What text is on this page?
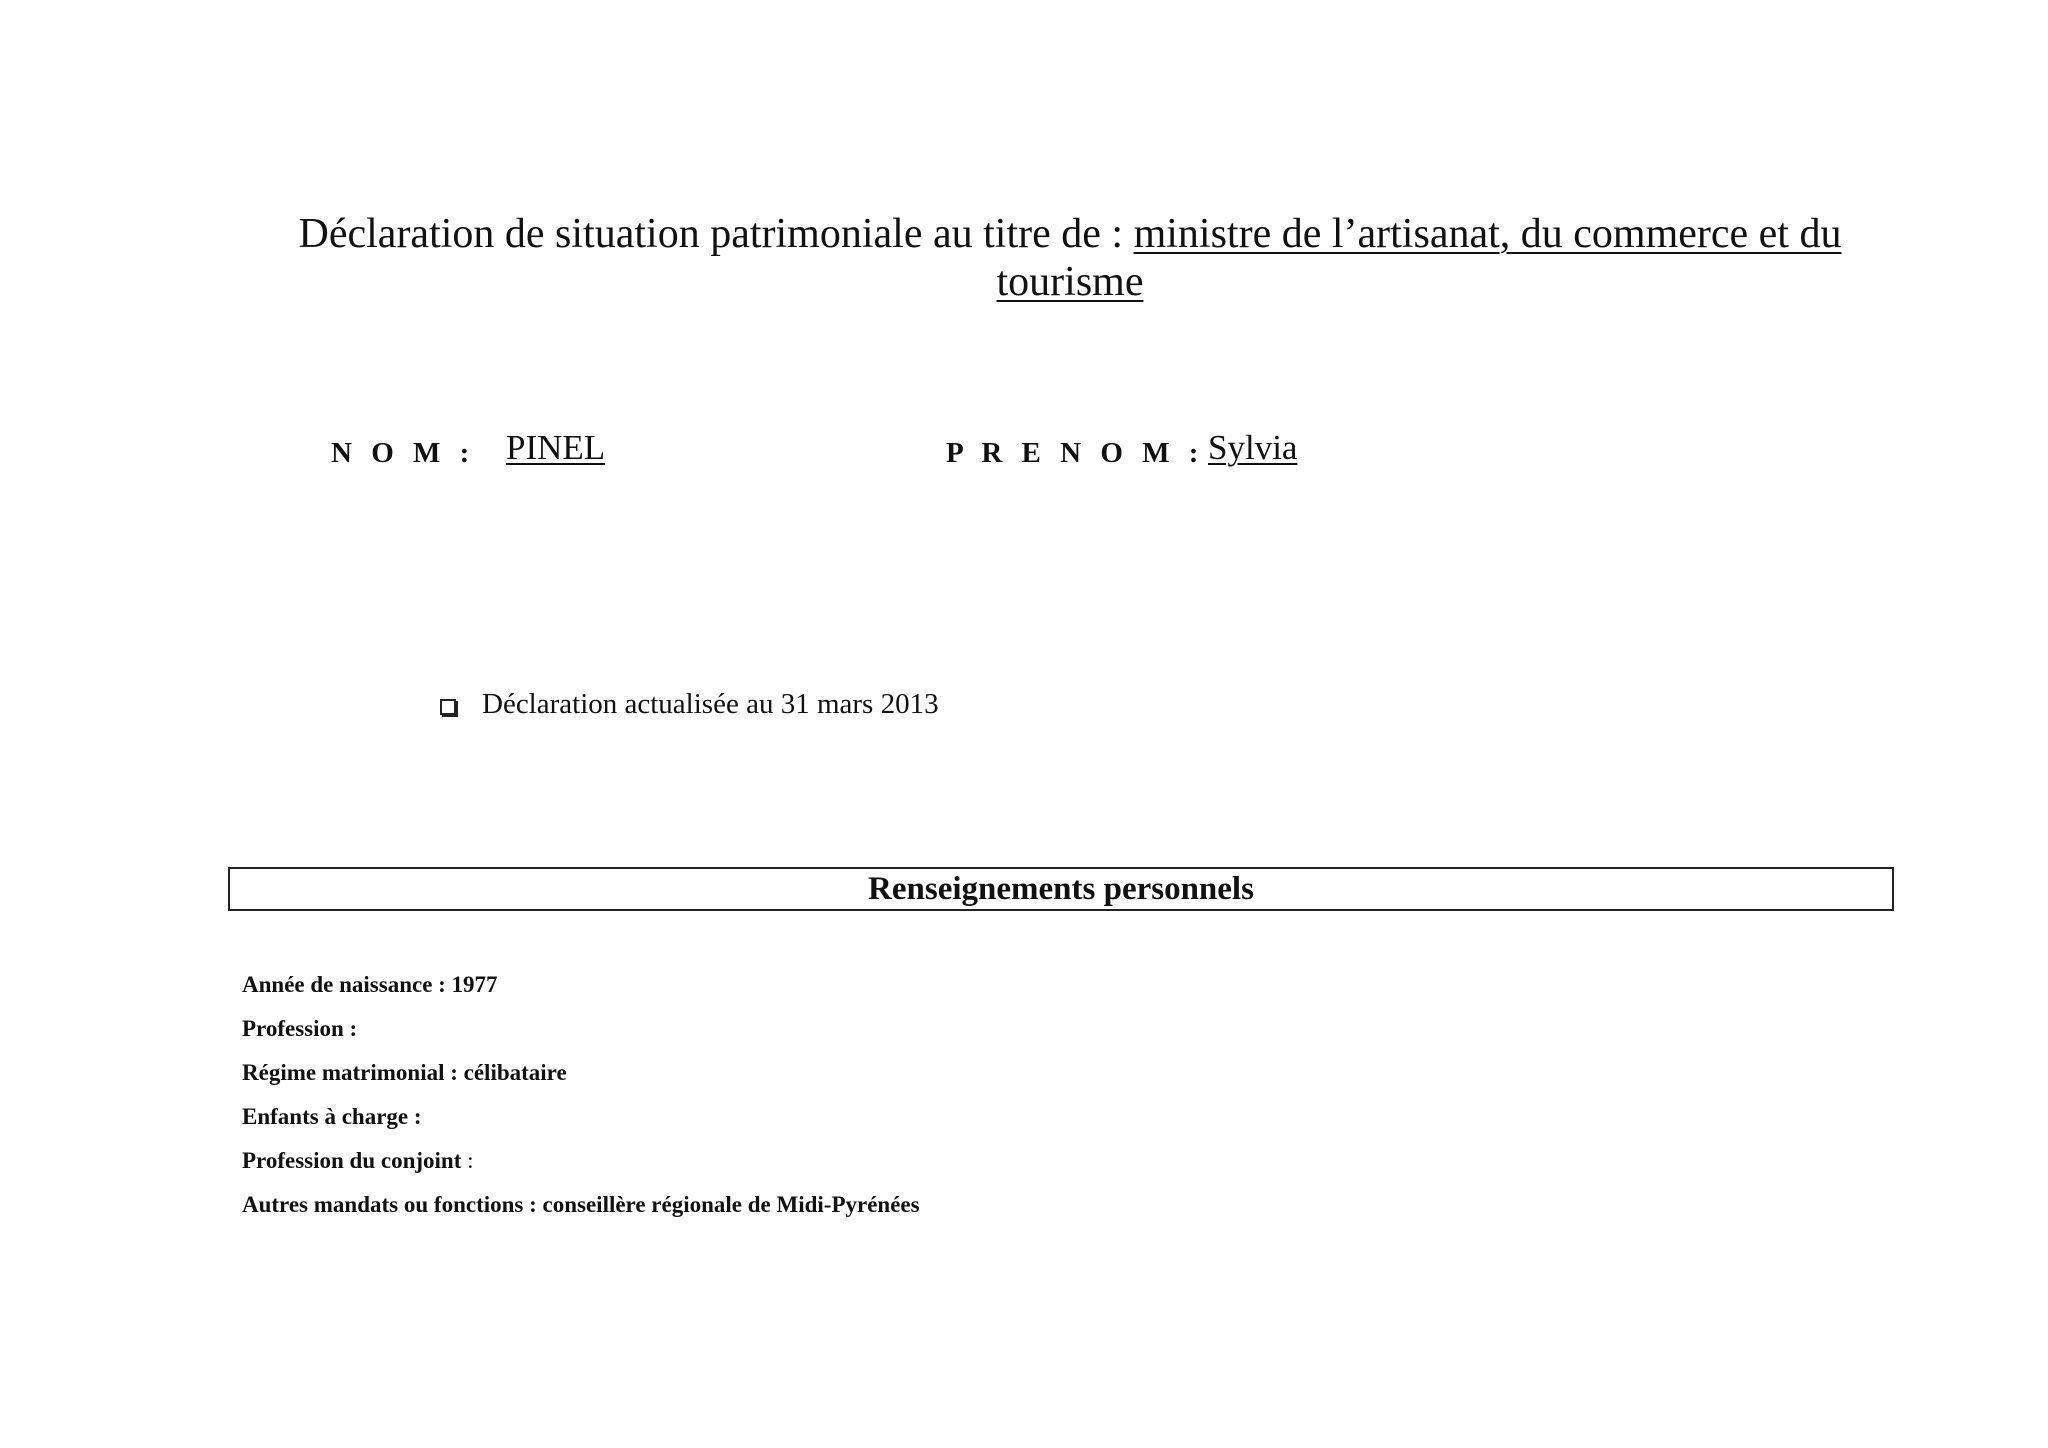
Déclaration de situation patrimoniale au titre de : ministre de l’artisanat, du commerce et du tourisme
N O M : PINEL	P R E N O M : Sylvia
Déclaration actualisée au 31 mars 2013
Renseignements personnels
Année de naissance : 1977
Profession :
Régime matrimonial : célibataire
Enfants à charge :
Profession du conjoint :
Autres mandats ou fonctions : conseillère régionale de Midi-Pyrénées
